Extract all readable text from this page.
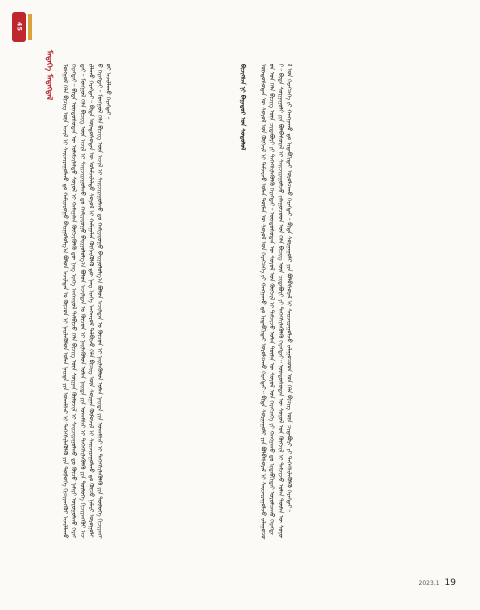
45
ᠮᠡᠳᠡᠭᠡ ᠮᠡᠳᠡᠭᠳᠡᠯ	ᠮᠣᠩᠭᠣᠯ ᠬᠡᠯᠡ ᠪᠢᠴᠢᠭ ᠦᠨ ᠠᠵᠢᠯ ᠢ ᠰᠠᠢᠵᠢᠷᠠᠭᠤᠯᠬᠤ ᠳᠤ ᠬᠠᠮᠢᠶᠠᠷᠤᠭᠤ ᠪᠠᠢᠭᠤᠯᠤᠯᠭ᠎ᠠ ᠪᠣᠯᠤᠨ ᠠᠵᠢᠯᠲᠠᠨ ᠤ ᠬᠦᠴᠦᠨ ᠢ ᠨᠡᠢᠯᠡᠭᠦᠯᠦᠨ ᠣᠯᠠᠨ ᠨᠡᠢᠲᠡ ᠶᠢᠨ ᠤᠬᠠᠮᠰᠠᠷ ᠢ ᠳᠡᠭᠡᠭᠰᠢᠯᠡᠭᠦᠯᠬᠦ ᠶᠢᠨ ᠲᠥᠯᠦᠭᠡ ᠬᠢᠴᠢᠶᠡᠩᠭᠦᠢ ᠠᠵᠢᠯᠯᠠᠬᠤ ᠬᠡᠷᠡᠭᠲᠡᠢ᠃ ᠪᠢᠳᠡ ᠦᠨᠳᠦᠰᠦᠲᠡᠨ ᠦ ᠤᠯᠠᠮᠵᠢᠯᠠᠯᠲᠤ ᠰᠣᠶᠣᠯ ᠢ ᠬᠠᠮᠠᠭᠠᠯᠠᠨ ᠬᠥᠭᠵᠢᠭᠦᠯᠬᠦ ᠳᠦ ᠨᠡᠩ ᠢᠡᠬᠡ ᠠᠩᠬᠠᠷᠤᠯ ᠲᠠᠯᠪᠢᠵᠤ ᠬᠡᠯᠡ ᠪᠢᠴᠢᠭ ᠦᠨ ᠰᠤᠷᠭᠠᠨ ᠬᠦᠮᠦᠵᠢᠯ ᠢ ᠰᠠᠢᠵᠢᠷᠠᠭᠤᠯᠬᠤ ᠳᠤ ᠬᠦᠴᠦ ᠨᠡᠮᠡᠷᠢ ᠣᠷᠣᠭᠤᠯᠬᠤ ᠬᠡᠷᠡᠭᠲᠡᠢ᠃ ᠮᠣᠩᠭᠣᠯ ᠬᠡᠯᠡ ᠪᠢᠴᠢᠭ ᠦᠨ ᠠᠵᠢᠯ ᠢ ᠰᠠᠢᠵᠢᠷᠠᠭᠤᠯᠬᠤ ᠳᠤ ᠬᠠᠮᠢᠶᠠᠷᠤᠭᠤ ᠪᠠᠢᠭᠤᠯᠤᠯᠭ᠎ᠠ ᠪᠣᠯᠤᠨ ᠠᠵᠢᠯᠲᠠᠨ ᠤ ᠬᠦᠴᠦᠨ ᠢ ᠨᠡᠢᠯᠡᠭᠦᠯᠦᠨ ᠣᠯᠠᠨ ᠨᠡᠢᠲᠡ ᠶᠢᠨ ᠤᠬᠠᠮᠰᠠᠷ ᠢ ᠳᠡᠭᠡᠭᠰᠢᠯᠡᠭᠦᠯᠬᠦ ᠶᠢᠨ ᠲᠥᠯᠦᠭᠡ ᠬᠢᠴᠢᠶᠡᠩᠭᠦᠢ ᠠᠵᠢᠯᠯᠠᠬᠤ ᠬᠡᠷᠡᠭᠲᠡᠢ᠃ ᠪᠢᠳᠡ ᠦᠨᠳᠦᠰᠦᠲᠡᠨ ᠦ ᠤᠯᠠᠮᠵᠢᠯᠠᠯᠲᠤ ᠰᠣᠶᠣᠯ ᠢ ᠬᠠᠮᠠᠭᠠᠯᠠᠨ ᠬᠥᠭᠵᠢᠭᠦᠯᠬᠦ ᠳᠦ ᠨᠡᠩ ᠢᠡᠬᠡ ᠠᠩᠬᠠᠷᠤᠯ ᠲᠠᠯᠪᠢᠵᠤ ᠬᠡᠯᠡ ᠪᠢᠴᠢᠭ ᠦᠨ ᠰᠤᠷᠭᠠᠨ ᠬᠦᠮᠦᠵᠢᠯ ᠢ ᠰᠠᠢᠵᠢᠷᠠᠭᠤᠯᠬᠤ ᠳᠤ ᠬᠦᠴᠦ ᠨᠡᠮᠡᠷᠢ ᠣᠷᠣᠭᠤᠯᠬᠤ ᠬᠡᠷᠡᠭᠲᠡᠢ᠃ ᠮᠣᠩᠭᠣᠯ ᠬᠡᠯᠡ ᠪᠢᠴᠢᠭ ᠦᠨ ᠠᠵᠢᠯ ᠢ ᠰᠠᠢᠵᠢᠷᠠᠭᠤᠯᠬᠤ ᠳᠤ ᠬᠠᠮᠢᠶᠠᠷᠤᠭᠤ ᠪᠠᠢᠭᠤᠯᠤᠯᠭ᠎ᠠ ᠪᠣᠯᠤᠨ ᠠᠵᠢᠯᠲᠠᠨ ᠤ ᠬᠦᠴᠦᠨ ᠢ ᠨᠡᠢᠯᠡᠭᠦᠯᠦᠨ ᠣᠯᠠᠨ ᠨᠡᠢᠲᠡ ᠶᠢᠨ ᠤᠬᠠᠮᠰᠠᠷ ᠢ ᠳᠡᠭᠡᠭᠰᠢᠯᠡᠭᠦᠯᠬᠦ ᠶᠢᠨ ᠲᠥᠯᠦᠭᠡ ᠬᠢᠴᠢᠶᠡᠩᠭᠦᠢ ᠠᠵᠢᠯᠯᠠᠬᠤ ᠬᠡᠷᠡᠭᠲᠡᠢ᠃	ᠪᠢᠴᠢᠭᠰᠡᠨ ᠨᠢ ᠪᠠᠭᠠᠲᠤᠷ ᠤᠨ ᠰᠤᠳᠤᠯᠤᠯ	ᠦᠨᠳᠦᠰᠦᠲᠡᠨ ᠦ ᠰᠣᠶᠣᠯ ᠤᠨ ᠬᠥᠭᠵᠢᠯ ᠢ ᠳᠡᠮᠵᠢᠵᠦ ᠣᠯᠠᠨ ᠲᠦᠮᠡᠨ ᠦ ᠰᠣᠶᠣᠯ ᠤᠨ ᠬᠡᠷᠡᠭᠴᠡᠭᠡ ᠶᠢ ᠬᠠᠩᠭᠠᠬᠤ ᠳᠤ ᠢᠳᠡᠪᠬᠢᠲᠡᠢ ᠣᠷᠣᠯᠴᠠᠬᠤ ᠬᠡᠷᠡᠭᠲᠡᠢ᠃ ᠪᠢᠳᠡ ᠰᠤᠷᠭᠠᠭᠤᠯᠢ ᠶᠢᠨ ᠪᠣᠯᠪᠠᠰᠤᠷᠠᠯ ᠢ ᠰᠠᠢᠵᠢᠷᠠᠭᠤᠯᠵᠤ ᠵᠠᠯᠠᠭᠤᠴᠤᠳ ᠤᠨ ᠬᠡᠯᠡ ᠪᠢᠴᠢᠭ ᠦᠨ ᠴᠢᠳᠠᠪᠤᠷᠢ ᠶᠢ ᠳᠡᠭᠡᠭᠰᠢᠯᠡᠭᠦᠯᠬᠦ ᠬᠡᠷᠡᠭᠲᠡᠢ᠃ ᠦᠨᠳᠦᠰᠦᠲᠡᠨ ᠦ ᠰᠣᠶᠣᠯ ᠤᠨ ᠬᠥᠭᠵᠢᠯ ᠢ ᠳᠡᠮᠵᠢᠵᠦ ᠣᠯᠠᠨ ᠲᠦᠮᠡᠨ ᠦ ᠰᠣᠶᠣᠯ ᠤᠨ ᠬᠡᠷᠡᠭᠴᠡᠭᠡ ᠶᠢ ᠬᠠᠩᠭᠠᠬᠤ ᠳᠤ ᠢᠳᠡᠪᠬᠢᠲᠡᠢ ᠣᠷᠣᠯᠴᠠᠬᠤ ᠬᠡᠷᠡᠭᠲᠡᠢ᠃ ᠪᠢᠳᠡ ᠰᠤᠷᠭᠠᠭᠤᠯᠢ ᠶᠢᠨ ᠪᠣᠯᠪᠠᠰᠤᠷᠠᠯ ᠢ ᠰᠠᠢᠵᠢᠷᠠᠭᠤᠯᠵᠤ ᠵᠠᠯᠠᠭᠤᠴᠤᠳ ᠤᠨ ᠬᠡᠯᠡ ᠪᠢᠴᠢᠭ ᠦᠨ ᠴᠢᠳᠠᠪᠤᠷᠢ ᠶᠢ ᠳᠡᠭᠡᠭᠰᠢᠯᠡᠭᠦᠯᠬᠦ ᠬᠡᠷᠡᠭᠲᠡᠢ᠃ ᠦᠨᠳᠦᠰᠦᠲᠡᠨ ᠦ ᠰᠣᠶᠣᠯ ᠤᠨ ᠬᠥᠭᠵᠢᠯ ᠢ ᠳᠡᠮᠵᠢᠵᠦ ᠣᠯᠠᠨ ᠲᠦᠮᠡᠨ ᠦ ᠰᠣᠶᠣᠯ ᠤᠨ ᠬᠡᠷᠡᠭᠴᠡᠭᠡ ᠶᠢ ᠬᠠᠩᠭᠠᠬᠤ ᠳᠤ ᠢᠳᠡᠪᠬᠢᠲᠡᠢ ᠣᠷᠣᠯᠴᠠᠬᠤ ᠬᠡᠷᠡᠭᠲᠡᠢ᠃ ᠪᠢᠳᠡ ᠰᠤᠷᠭᠠᠭᠤᠯᠢ ᠶᠢᠨ ᠪᠣᠯᠪᠠᠰᠤᠷᠠᠯ ᠢ ᠰᠠᠢᠵᠢᠷᠠᠭᠤᠯᠵᠤ ᠵᠠᠯᠠᠭᠤᠴᠤᠳ ᠤᠨ ᠬᠡᠯᠡ ᠪᠢᠴᠢᠭ ᠦᠨ ᠴᠢᠳᠠᠪᠤᠷᠢ ᠶᠢ ᠳᠡᠭᠡᠭᠰᠢᠯᠡᠭᠦᠯᠬᠦ ᠬᠡᠷᠡᠭᠲᠡᠢ᠃
2023.1 19
